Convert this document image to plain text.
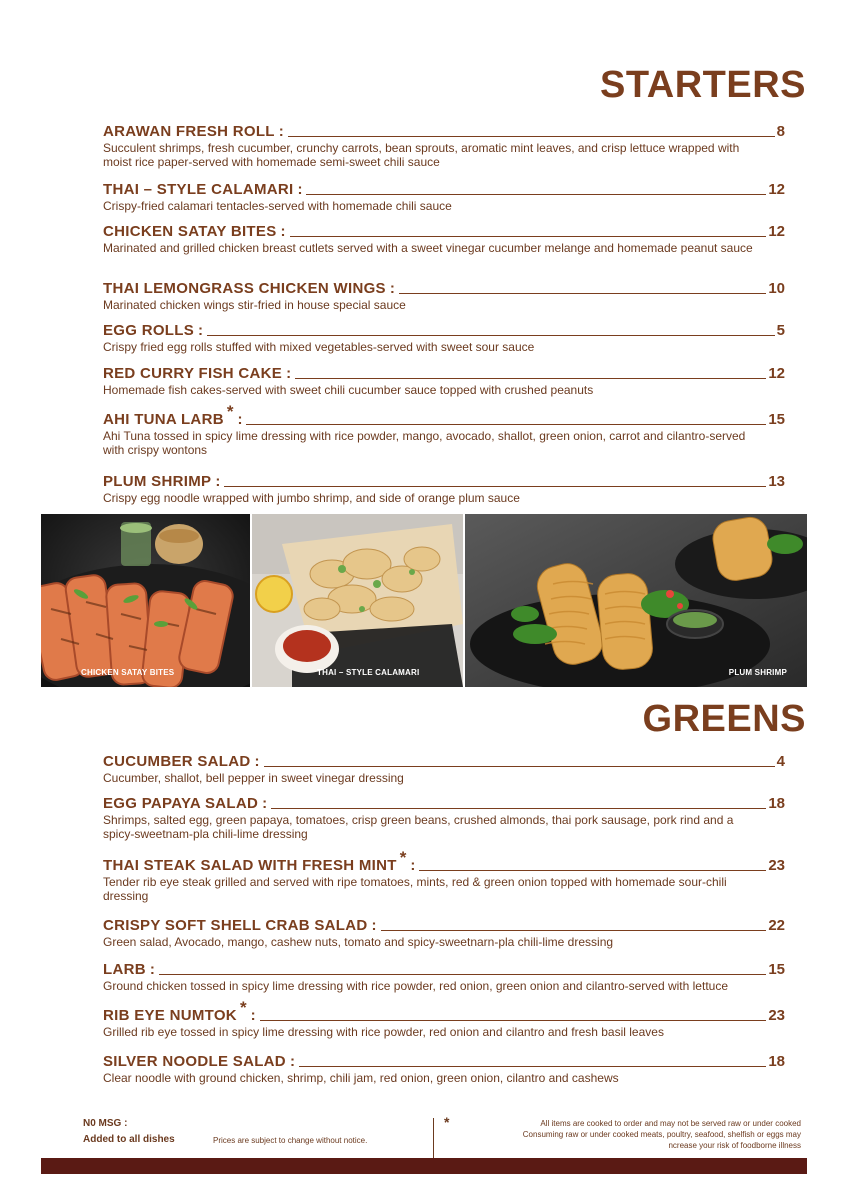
STARTERS
ARAWAN FRESH ROLL :	8
Succulent shrimps, fresh cucumber, crunchy carrots, bean sprouts, aromatic mint leaves, and crisp lettuce wrapped with moist rice paper-served with homemade semi-sweet chili sauce
THAI – STYLE CALAMARI :	12
Crispy-fried calamari tentacles-served with homemade chili sauce
CHICKEN SATAY BITES :	12
Marinated and grilled chicken breast cutlets served with a sweet vinegar cucumber melange and homemade peanut sauce
THAI LEMONGRASS CHICKEN WINGS :	10
Marinated chicken wings stir-fried in house special sauce
EGG ROLLS :	5
Crispy fried egg rolls stuffed with mixed vegetables-served with sweet sour sauce
RED CURRY FISH CAKE :	12
Homemade fish cakes-served with sweet chili cucumber sauce topped with crushed peanuts
AHI TUNA LARB * :	15
Ahi Tuna tossed in spicy lime dressing with rice powder, mango, avocado, shallot, green onion, carrot and cilantro-served with crispy wontons
PLUM SHRIMP :	13
Crispy egg noodle wrapped with jumbo shrimp, and side of orange plum sauce
CHICKEN SATAY BITES	THAI – STYLE CALAMARI	PLUM SHRIMP
GREENS
CUCUMBER SALAD :	4
Cucumber, shallot, bell pepper in sweet vinegar dressing
EGG PAPAYA SALAD :	18
Shrimps, salted egg, green papaya, tomatoes, crisp green beans, crushed almonds, thai pork sausage, pork rind and a spicy-sweetnam-pla chili-lime dressing
THAI STEAK SALAD WITH FRESH MINT * :	23
Tender rib eye steak grilled and served with ripe tomatoes, mints, red & green onion topped with homemade sour-chili dressing
CRISPY SOFT SHELL CRAB SALAD :	22
Green salad, Avocado, mango, cashew nuts, tomato and spicy-sweetnarn-pla chili-lime dressing
LARB :	15
Ground chicken tossed in spicy lime dressing with rice powder, red onion, green onion and cilantro-served with lettuce
RIB EYE NUMTOK * :	23
Grilled rib eye tossed in spicy lime dressing with rice powder, red onion and cilantro and fresh basil leaves
SILVER NOODLE SALAD :	18
Clear noodle with ground chicken, shrimp, chili jam, red onion, green onion, cilantro and cashews
N0 MSG :
Added to all dishes	Prices are subject to change without notice.
*	All items are cooked to order and may not be served raw or under cooked
Consuming raw or under cooked meats, poultry, seafood, shelfish or eggs may
ncrease your risk of foodborne illness
